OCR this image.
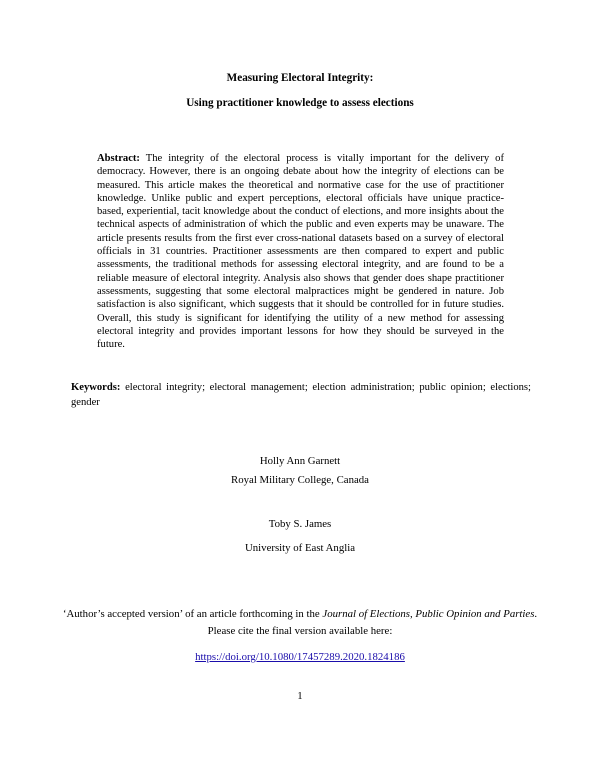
Measuring Electoral Integrity:
Using practitioner knowledge to assess elections
Abstract: The integrity of the electoral process is vitally important for the delivery of democracy. However, there is an ongoing debate about how the integrity of elections can be measured. This article makes the theoretical and normative case for the use of practitioner knowledge. Unlike public and expert perceptions, electoral officials have unique practice-based, experiential, tacit knowledge about the conduct of elections, and more insights about the technical aspects of administration of which the public and even experts may be unaware. The article presents results from the first ever cross-national datasets based on a survey of electoral officials in 31 countries. Practitioner assessments are then compared to expert and public assessments, the traditional methods for assessing electoral integrity, and are found to be a reliable measure of electoral integrity. Analysis also shows that gender does shape practitioner assessments, suggesting that some electoral malpractices might be gendered in nature. Job satisfaction is also significant, which suggests that it should be controlled for in future studies. Overall, this study is significant for identifying the utility of a new method for assessing electoral integrity and provides important lessons for how they should be surveyed in the future.
Keywords: electoral integrity; electoral management; election administration; public opinion; elections; gender
Holly Ann Garnett
Royal Military College, Canada
Toby S. James
University of East Anglia
‘Author’s accepted version’ of an article forthcoming in the Journal of Elections, Public Opinion and Parties. Please cite the final version available here:
https://doi.org/10.1080/17457289.2020.1824186
1
